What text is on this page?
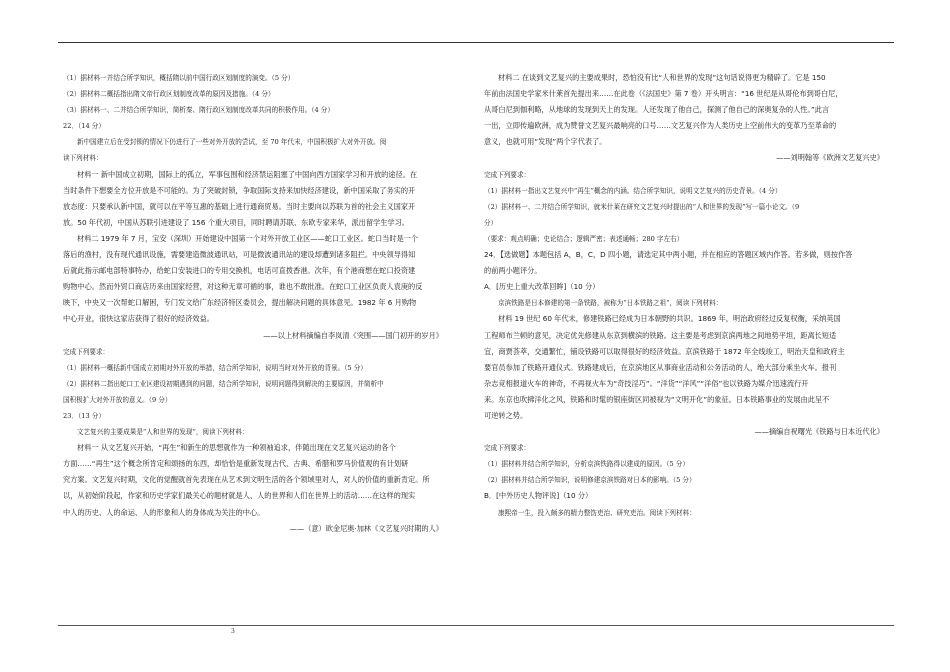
（1）据材料一并结合所学知识，概括隋以前中国行政区划制度的演变。（5 分）
（2）据材料二概括指出隋文帝行政区划制度改革的原因及措施。（4 分）
（3）据材料一、二并结合所学知识，简析秦、隋行政区划制度改革共同的积极作用。（4 分）
22．（14 分）
新中国建立后在受封锁的情况下仍进行了一些对外开放的尝试，至 70 年代末，中国积极扩大对外开放。阅
读下列材料：
材料一 新中国成立初期，国际上的孤立，军事包围和经济禁运阻塞了中国向西方国家学习和开放的途径。在
当时条件下想要全方位开放是不可能的。为了突破封锁，争取国际支持来加快经济建设，新中国采取了务实的开
放态度：只要承认新中国，就可以在平等互惠的基础上进行通商贸易。当时主要向以苏联为首的社会主义国家开
放。50 年代初，中国从苏联引进建设了 156 个重大项目，同时聘请苏联、东欧专家来华，派出留学生学习。
材料二 1979 年 7 月，宝安（深圳）开始建设中国第一个对外开放工业区——蛇口工业区。蛇口当时是一个
落后的渔村，没有现代通讯设施，需要建造微波通讯站，可是微波通讯站的建设却遭到诸多阻拦。中央领导得知
后就此指示邮电部特事特办，给蛇口安装进口的专用交换机，电话可直拨香港。次年，有个港商想在蛇口投资建
购物中心。然而外贸口商店历来由国家经营，对这种无章可循的事，谁也不敢批准。在蛇口工业区负责人袁庚的反
映下，中央又一次帮蛇口解困，专门发文给广东经济特区委员会，提出解决问题的具体意见。1982 年 6 月购物
中心开业，很快这家店获得了很好的经济效益。
——以上材料摘编自李岚清《突围——国门初开的岁月》
完成下列要求：
（1）据材料一概括新中国成立初期对外开放的举措，结合所学知识，说明当时对外开放的背景。（5 分）
（2）据材料二指出蛇口工业区建设初期遇到的问题，结合所学知识，说明问题得到解决的主要原因，并简析中
国积极扩大对外开放的意义。（9 分）
23．（13 分）
文艺复兴的主要成果是“人和世界的发现”，阅读下列材料：
材料一 从文艺复兴开始，“再生”和新生的思想就作为一种领袖追求，伴随出现在文艺复兴运动的各个
方面……“再生”这个概念所肯定和颂扬的东西，却恰恰是重新发现古代、古典、希腊和罗马价值观的有计划研
究方案。文艺复兴时期，文化的觉醒就首先表现在从艺术到文明生活的各个领域里对人，对人的价值的重新肯定。所
以，从初始阶段起，作家和历史学家们最关心的题材就是人、人的世界和人们在世界上的活动……在这样的现实
中人的历史、人的命运、人的形象和人的身体成为关注的中心。
——（意）欧金尼奥·加林《文艺复兴时期的人》
材料二 在谈到文艺复兴的主要成果时，恐怕没有比“人和世界的发现”这句话说得更为精辟了。它是 150
年前由法国史学家米什莱首先提出来……在此卷（《法国史》第 7 卷）开头明言：“16 世纪是从哥伦布到哥白尼，
从哥白尼到伽利略，从地球的发现到天上的发现。人还发现了他自己，探测了他自己的深奥复杂的人性。”此言
一出，立即传遍欧洲，成为赞誉文艺复兴最响亮的口号……文艺复兴作为人类历史上空前伟大的变革乃至革命的
意义，也就可用“发现”两个字代表了。
——刘明翰等《欧洲文艺复兴史》
完成下列要求：
（1）据材料一指出文艺复兴中“再生”概念的内涵。结合所学知识，说明文艺复兴的历史背景。（4 分）
（2）据材料一、二并结合所学知识，就米什莱在研究文艺复兴时提出的“人和世界的发现”写一篇小论文。（9
分）
（要求：观点明确；史论结合；逻辑严密；表述通畅；280 字左右）
24．【选做题】本题包括 A，B，C，D 四小题，请选定其中两小题，并在相应的答题区域内作答。若多做，则按作答
的前两小题评分。
A．[历史上重大改革回眸]（10 分）
京滨铁路是日本修建的第一条铁路，被称为“日本铁路之祖”，阅读下列材料：
材料 19 世纪 60 年代末，修建铁路已经成为日本朝野的共识。1869 年，明治政府经过反复权衡，采纳英国
工程师布兰顿的意见，决定优先修建从东京到横滨的铁路。这主要是考虑到京滨两地之间地势平坦，距离长短适
宜，商贾荟萃，交通繁忙，铺设铁路可以取得很好的经济效益。京滨铁路于 1872 年全线竣工，明治天皇和政府主
要官员参加了铁路开通仪式。铁路建成后，在京滨地区从事商业活动和公务活动的人，绝大部分乘坐火车。报刊
杂志竞相报道火车的神奇，不再视火车为“奇技淫巧”。“洋货”“洋风”“洋俗”也以铁路为媒介迅速流行开
来。东京也吹拂洋化之风，铁路和时髦的银座街区同被视为“文明开化”的象征。日本铁路事业的发展由此呈不
可逆转之势。
——摘编自祝曙光《铁路与日本近代化》
完成下列要求：
（1）据材料并结合所学知识，分析京滨铁路得以建成的原因。（5 分）
（2）据材料并结合所学知识，说明修建京滨铁路对日本的影响。（5 分）
B．[中外历史人物评说]（10 分）
康熙帝一生，投入颇多的精力整饬吏治、研究吏治。阅读下列材料：
3
